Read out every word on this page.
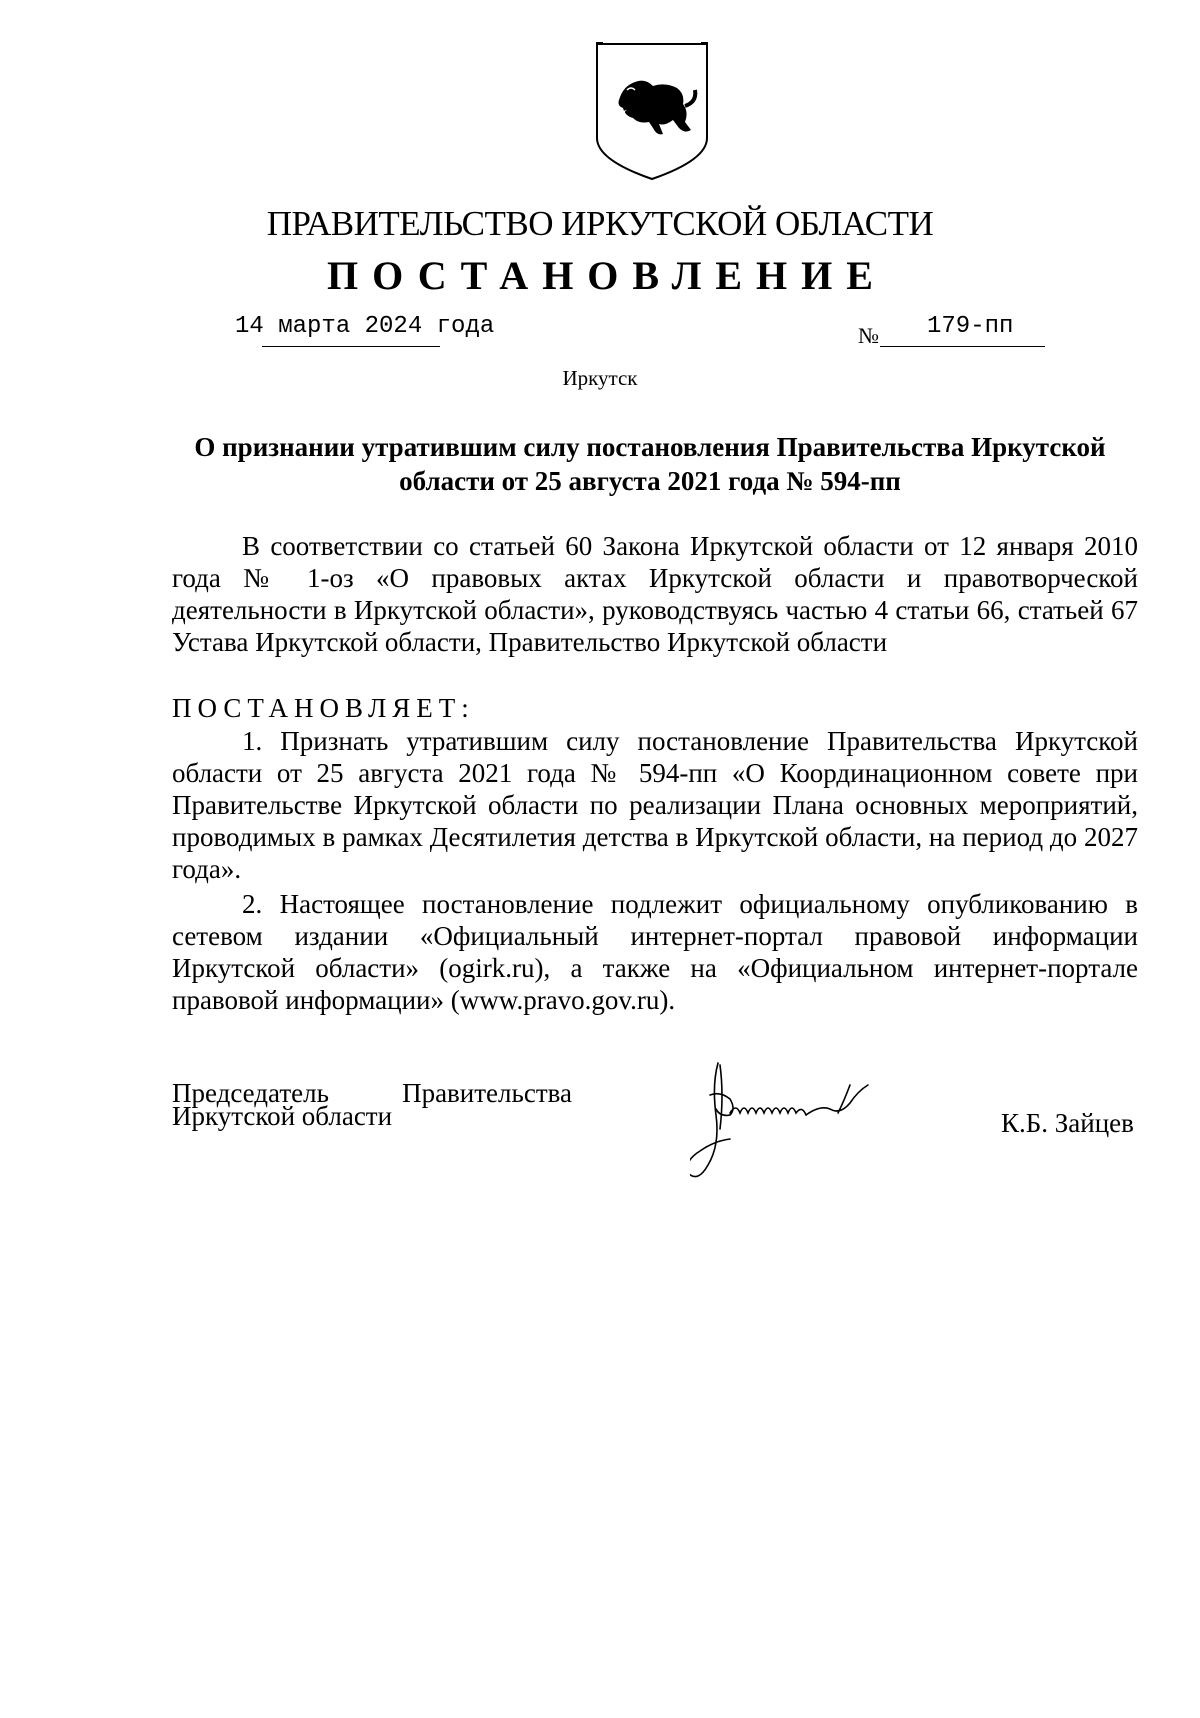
ПРАВИТЕЛЬСТВО ИРКУТСКОЙ ОБЛАСТИ
ПОСТАНОВЛЕНИЕ
14 марта 2024 года	№ 179-пп
Иркутск
О признании утратившим силу постановления Правительства Иркутской области от 25 августа 2021 года № 594-пп

В соответствии со статьей 60 Закона Иркутской области от 12 января 2010 года № 1-оз «О правовых актах Иркутской области и правотворческой деятельности в Иркутской области», руководствуясь частью 4 статьи 66, статьей 67 Устава Иркутской области, Правительство Иркутской области

ПОСТАНОВЛЯЕТ:

1. Признать утратившим силу постановление Правительства Иркутской области от 25 августа 2021 года № 594-пп «О Координационном совете при Правительстве Иркутской области по реализации Плана основных мероприятий, проводимых в рамках Десятилетия детства в Иркутской области, на период до 2027 года».

2. Настоящее постановление подлежит официальному опубликованию в сетевом издании «Официальный интернет-портал правовой информации Иркутской области» (ogirk.ru), а также на «Официальном интернет-портале правовой информации» (www.pravo.gov.ru).

Председатель	Правительства
Иркутской области	К.Б. Зайцев
